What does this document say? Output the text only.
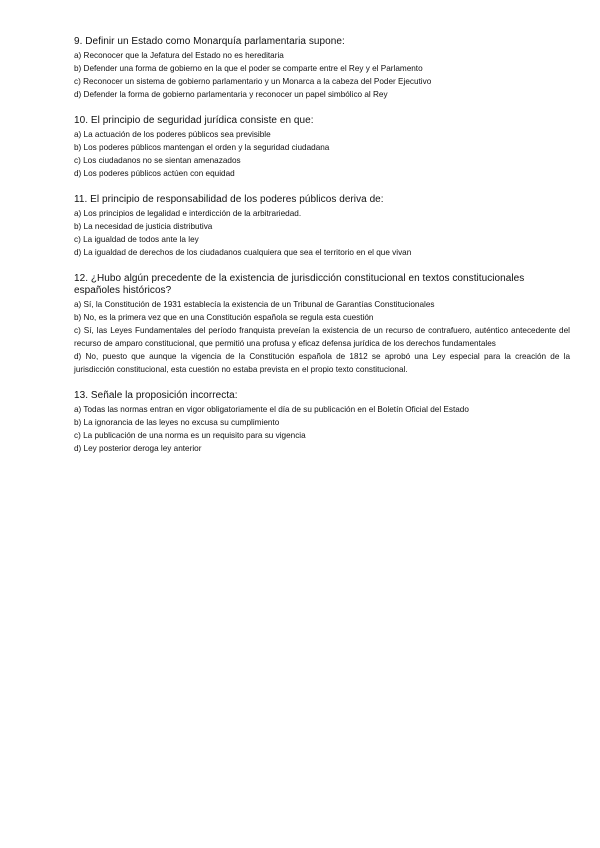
9. Definir un Estado como Monarquía parlamentaria supone:
a) Reconocer que la Jefatura del Estado no es hereditaria
b) Defender una forma de gobierno en la que el poder se comparte entre el Rey y el Parlamento
c) Reconocer un sistema de gobierno parlamentario y un Monarca a la cabeza del Poder Ejecutivo
d) Defender la forma de gobierno parlamentaria y reconocer un papel simbólico al Rey
10. El principio de seguridad jurídica consiste en que:
a) La actuación de los poderes públicos sea previsible
b) Los poderes públicos mantengan el orden y la seguridad ciudadana
c) Los ciudadanos no se sientan amenazados
d) Los poderes públicos actúen con equidad
11. El principio de responsabilidad de los poderes públicos deriva de:
a) Los principios de legalidad e interdicción de la arbitrariedad.
b) La necesidad de justicia distributiva
c) La igualdad de todos ante la ley
d) La igualdad de derechos de los ciudadanos cualquiera que sea el territorio en el que vivan
12. ¿Hubo algún precedente de la existencia de jurisdicción constitucional en textos constitucionales españoles históricos?
a) Sí, la Constitución de 1931 establecía la existencia de un Tribunal de Garantías Constitucionales
b) No, es la primera vez que en una Constitución española se regula esta cuestión
c) Sí, las Leyes Fundamentales del período franquista preveían la existencia de un recurso de contrafuero, auténtico antecedente del recurso de amparo constitucional, que permitió una profusa y eficaz defensa jurídica de los derechos fundamentales
d) No, puesto que aunque la vigencia de la Constitución española de 1812 se aprobó una Ley especial para la creación de la jurisdicción constitucional, esta cuestión no estaba prevista en el propio texto constitucional.
13. Señale la proposición incorrecta:
a) Todas las normas entran en vigor obligatoriamente el día de su publicación en el Boletín Oficial del Estado
b) La ignorancia de las leyes no excusa su cumplimiento
c) La publicación de una norma es un requisito para su vigencia
d) Ley posterior deroga ley anterior
